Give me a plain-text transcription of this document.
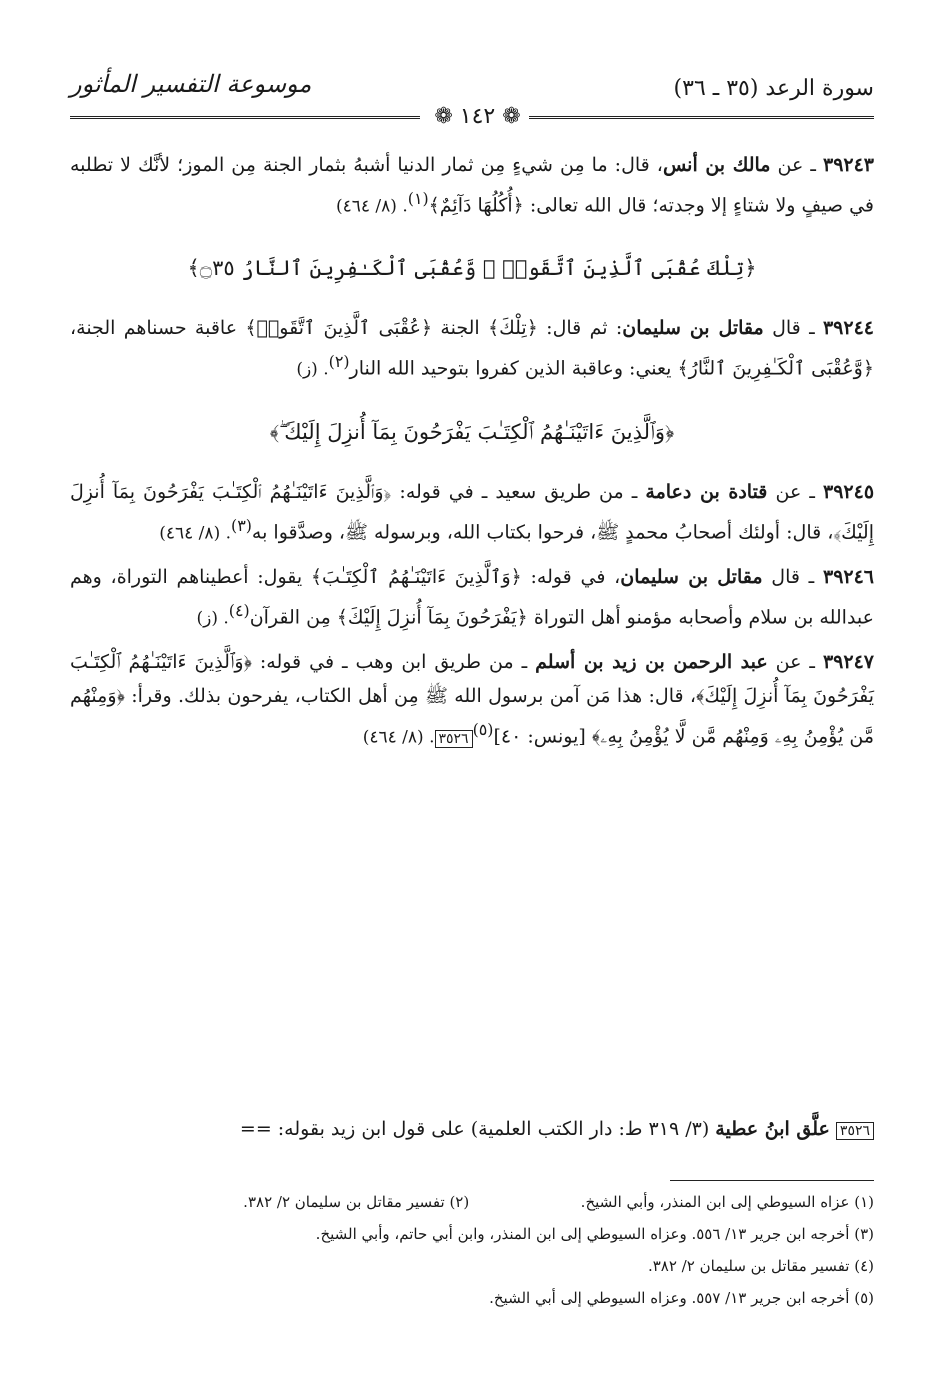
سورة الرعد (٣٥ ـ ٣٦)
موسوعة التفسير المأثور
❁ ١٤٢ ❁

٣٩٢٤٣ ـ عن مالك بن أنس، قال: ما مِن شيءٍ مِن ثمار الدنيا أشبهُ بثمار الجنة مِن الموز؛ لأنَّك لا تطلبه في صيفٍ ولا شتاءٍ إلا وجدته؛ قال الله تعالى: ﴿أُكُلُهَا دَآئِمٌ﴾$^{(١)}$. (٨/ ٤٦٤)

﴿تِلْكَ عُقْبَى ٱلَّذِينَ ٱتَّقَوا۟ ۖ وَّعُقْبَى ٱلْكَـٰفِرِينَ ٱلنَّارُ ۝٣٥﴾

٣٩٢٤٤ ـ قال مقاتل بن سليمان: ثم قال: ﴿تِلْكَ﴾ الجنة ﴿عُقْبَى ٱلَّذِينَ ٱتَّقَوا۟﴾ عاقبة حسناهم الجنة، ﴿وَّعُقْبَى ٱلْكَـٰفِرِينَ ٱلنَّارُ﴾ يعني: وعاقبة الذين كفروا بتوحيد الله النار$^{(٢)}$. (ز)

﴿وَٱلَّذِينَ ءَاتَيْنَـٰهُمُ ٱلْكِتَـٰبَ يَفْرَحُونَ بِمَآ أُنزِلَ إِلَيْكَ ۖ﴾

٣٩٢٤٥ ـ عن قتادة بن دعامة ـ من طريق سعيد ـ في قوله: ﴿وَٱلَّذِينَ ءَاتَيْنَـٰهُمُ ٱلْكِتَـٰبَ يَفْرَحُونَ بِمَآ أُنزِلَ إِلَيْكَ﴾، قال: أولئك أصحابُ محمدٍ ﷺ، فرحوا بكتاب الله، وبرسوله ﷺ، وصدَّقوا به$^{(٣)}$. (٨/ ٤٦٤)

٣٩٢٤٦ ـ قال مقاتل بن سليمان، في قوله: ﴿وَٱلَّذِينَ ءَاتَيْنَـٰهُمُ ٱلْكِتَـٰبَ﴾ يقول: أعطيناهم التوراة، وهم عبدالله بن سلام وأصحابه مؤمنو أهل التوراة ﴿يَفْرَحُونَ بِمَآ أُنزِلَ إِلَيْكَ﴾ مِن القرآن$^{(٤)}$. (ز)

٣٩٢٤٧ ـ عن عبد الرحمن بن زيد بن أسلم ـ من طريق ابن وهب ـ في قوله: ﴿وَٱلَّذِينَ ءَاتَيْنَـٰهُمُ ٱلْكِتَـٰبَ يَفْرَحُونَ بِمَآ أُنزِلَ إِلَيْكَ﴾، قال: هذا مَن آمن برسول الله ﷺ مِن أهل الكتاب، يفرحون بذلك. وقرأ: ﴿وَمِنْهُم مَّن يُؤْمِنُ بِهِۦ وَمِنْهُم مَّن لَّا يُؤْمِنُ بِهِۦ﴾ [يونس: ٤٠]$^{(٥)}$٣٥٢٦. (٨/ ٤٦٤)

٣٥٢٦ علَّق ابنُ عطية (٣/ ٣١٩ ط: دار الكتب العلمية) على قول ابن زيد بقوله: ==
(١) عزاه السيوطي إلى ابن المنذر، وأبي الشيخ. (٢) تفسير مقاتل بن سليمان ٢/ ٣٨٢.
(٣) أخرجه ابن جرير ١٣/ ٥٥٦. وعزاه السيوطي إلى ابن المنذر، وابن أبي حاتم، وأبي الشيخ.
(٤) تفسير مقاتل بن سليمان ٢/ ٣٨٢.
(٥) أخرجه ابن جرير ١٣/ ٥٥٧. وعزاه السيوطي إلى أبي الشيخ.
